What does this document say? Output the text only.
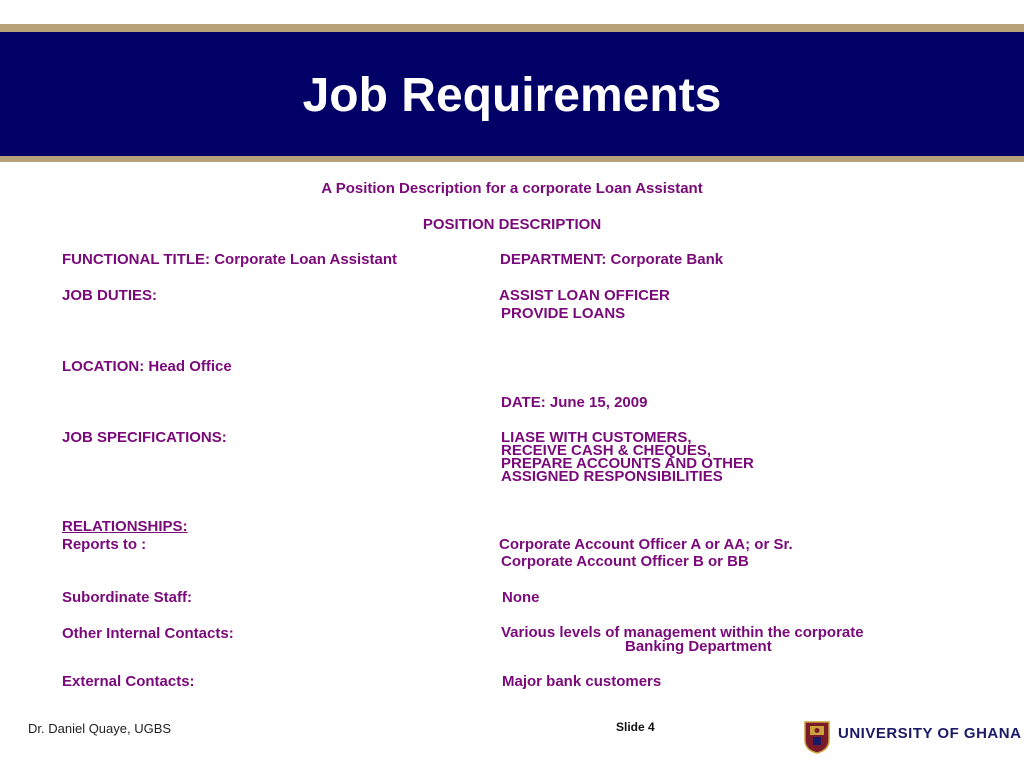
Job Requirements
A Position Description for a corporate Loan Assistant
POSITION DESCRIPTION
FUNCTIONAL TITLE: Corporate Loan Assistant	DEPARTMENT: Corporate Bank
JOB DUTIES:	ASSIST LOAN OFFICER
PROVIDE LOANS
LOCATION: Head Office
DATE: June 15, 2009
JOB SPECIFICATIONS:	LIASE WITH CUSTOMERS,
RECEIVE CASH & CHEQUES,
PREPARE ACCOUNTS AND OTHER
ASSIGNED RESPONSIBILITIES
RELATIONSHIPS:
Reports to :	Corporate Account Officer A or AA; or Sr.
Corporate Account Officer B or BB
Subordinate Staff:	None
Other Internal Contacts:	Various levels of management within the corporate
Banking Department
External Contacts:	Major bank customers
Dr. Daniel Quaye, UGBS	Slide 4	UNIVERSITY OF GHANA
